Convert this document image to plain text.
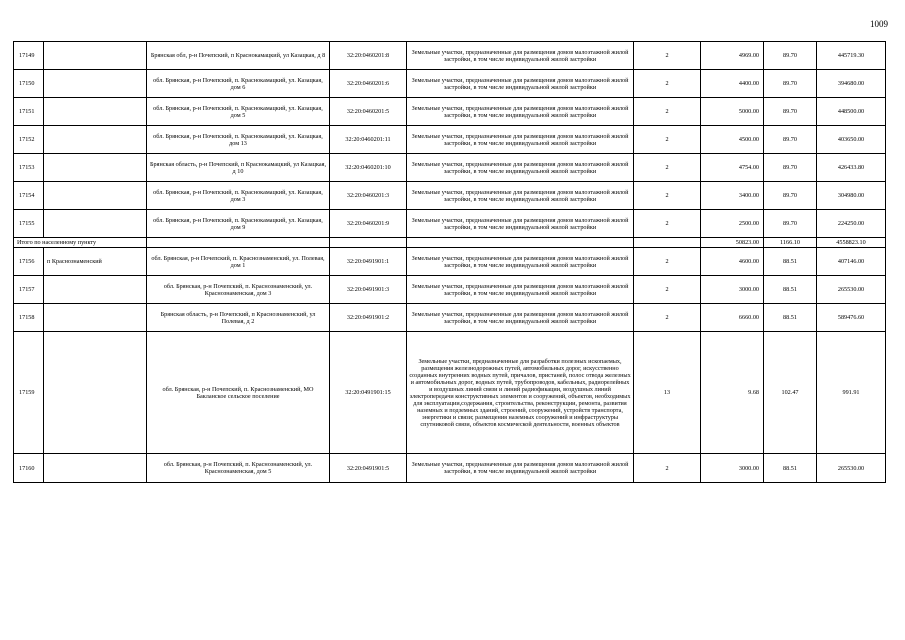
1009
17149		Брянская обл, р-н Почепский, п Краснокамацкий, ул Казацкая, д 8	32:20:0460201:8	Земельные участки, предназначенные для размещения домов малоэтажной жилой застройки, в том числе индивидуальной жилой застройки	2	4969.00	89.70	445719.30
17150		обл. Брянская, р-н Почепский, п. Краснокамацкий, ул. Казацкая, дом 6	32:20:0460201:6	Земельные участки, предназначенные для размещения домов малоэтажной жилой застройки, в том числе индивидуальной жилой застройки	2	4400.00	89.70	394680.00
17151		обл. Брянская, р-н Почепский, п. Краснокамацкий, ул. Казацкая, дом 5	32:20:0460201:5	Земельные участки, предназначенные для размещения домов малоэтажной жилой застройки, в том числе индивидуальной жилой застройки	2	5000.00	89.70	448500.00
17152		обл. Брянская, р-н Почепский, п. Краснокамацкий, ул. Казацкая, дом 13	32:20:0460201:11	Земельные участки, предназначенные для размещения домов малоэтажной жилой застройки, в том числе индивидуальной жилой застройки	2	4500.00	89.70	403650.00
17153		Брянская область, р-н Почепский, п Краснокамацкий, ул Казацкая, д 10	32:20:0460201:10	Земельные участки, предназначенные для размещения домов малоэтажной жилой застройки, в том числе индивидуальной жилой застройки	2	4754.00	89.70	426433.80
17154		обл. Брянская, р-н Почепский, п. Краснокамацкий, ул. Казацкая, дом 3	32:20:0460201:3	Земельные участки, предназначенные для размещения домов малоэтажной жилой застройки, в том числе индивидуальной жилой застройки	2	3400.00	89.70	304980.00
17155		обл. Брянская, р-н Почепский, п. Краснокамацкий, ул. Казацкая, дом 9	32:20:0460201:9	Земельные участки, предназначенные для размещения домов малоэтажной жилой застройки, в том числе индивидуальной жилой застройки	2	2500.00	89.70	224250.00
Итого по населенному пункту						50823.00	1166.10	4558823.10
17156	п Краснознаменский	обл. Брянская, р-н Почепский, п. Краснознаменский, ул. Полевая, дом 1	32:20:0491901:1	Земельные участки, предназначенные для размещения домов малоэтажной жилой застройки, в том числе индивидуальной жилой застройки	2	4600.00	88.51	407146.00
17157		обл. Брянская, р-н Почепский, п. Краснознаменский, ул. Краснознаменская, дом 3	32:20:0491901:3	Земельные участки, предназначенные для размещения домов малоэтажной жилой застройки, в том числе индивидуальной жилой застройки	2	3000.00	88.51	265530.00
17158		Брянская область, р-н Почепский, п Краснознаменский, ул Полевая, д 2	32:20:0491901:2	Земельные участки, предназначенные для размещения домов малоэтажной жилой застройки, в том числе индивидуальной жилой застройки	2	6660.00	88.51	589476.60
17159		обл. Брянская, р-н Почепский, п. Краснознаменский, МО Бакланское сельское поселение	32:20:0491901:15	Земельные участки, предназначенные для разработки полезных ископаемых, размещения железнодорожных путей, автомобильных дорог, искусственно созданных внутренних водных путей, причалов, пристаней, полос отвода железных и автомобильных дорог, водных путей, трубопроводов, кабельных, радиорелейных и воздушных линий связи и линий радиофикации, воздушных линий электропередачи конструктивных элементов и сооружений, объектов, необходимых для эксплуатации,содержания, строительства, реконструкции, ремонта, развития наземных и подземных зданий, строений, сооружений, устройств транспорта, энергетики и связи; размещения наземных сооружений и инфраструктуры спутниковой связи, объектов космической деятельности, военных объектов	13	9.68	102.47	991.91
17160		обл. Брянская, р-н Почепский, п. Краснознаменский, ул. Краснознаменская, дом 5	32:20:0491901:5	Земельные участки, предназначенные для размещения домов малоэтажной жилой застройки, в том числе индивидуальной жилой застройки	2	3000.00	88.51	265530.00
